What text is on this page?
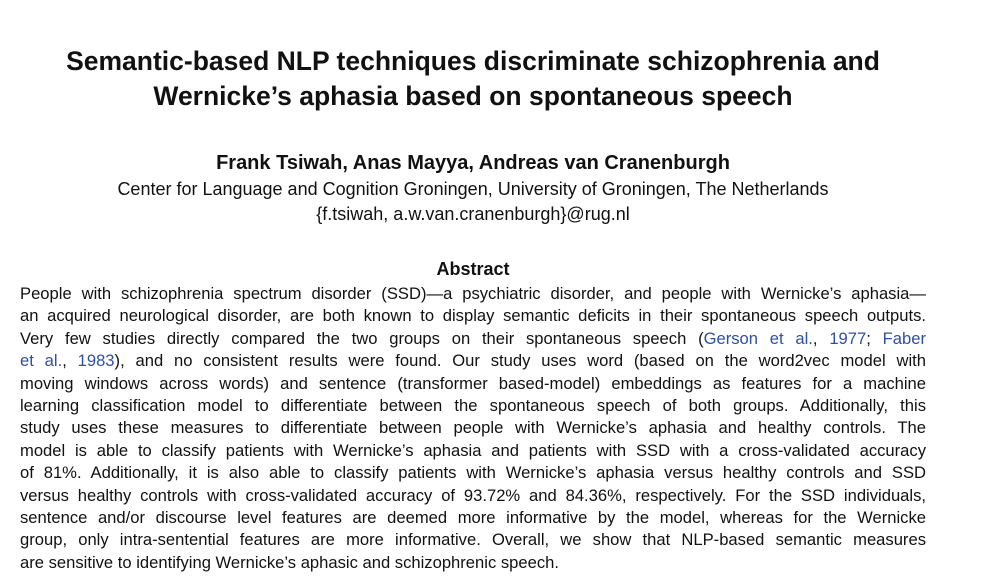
Semantic-based NLP techniques discriminate schizophrenia and
Wernicke’s aphasia based on spontaneous speech
Frank Tsiwah, Anas Mayya, Andreas van Cranenburgh
Center for Language and Cognition Groningen, University of Groningen, The Netherlands
{f.tsiwah, a.w.van.cranenburgh}@rug.nl
Abstract

People with schizophrenia spectrum disorder (SSD)—a psychiatric disorder, and people with Wernicke’s aphasia—
an acquired neurological disorder, are both known to display semantic deficits in their spontaneous speech outputs.
Very few studies directly compared the two groups on their spontaneous speech (Gerson et al., 1977; Faber
et al., 1983), and no consistent results were found. Our study uses word (based on the word2vec model with
moving windows across words) and sentence (transformer based-model) embeddings as features for a machine
learning classification model to differentiate between the spontaneous speech of both groups. Additionally, this
study uses these measures to differentiate between people with Wernicke’s aphasia and healthy controls. The
model is able to classify patients with Wernicke’s aphasia and patients with SSD with a cross-validated accuracy
of 81%. Additionally, it is also able to classify patients with Wernicke’s aphasia versus healthy controls and SSD
versus healthy controls with cross-validated accuracy of 93.72% and 84.36%, respectively. For the SSD individuals,
sentence and/or discourse level features are deemed more informative by the model, whereas for the Wernicke
group, only intra-sentential features are more informative. Overall, we show that NLP-based semantic measures
are sensitive to identifying Wernicke’s aphasic and schizophrenic speech.
